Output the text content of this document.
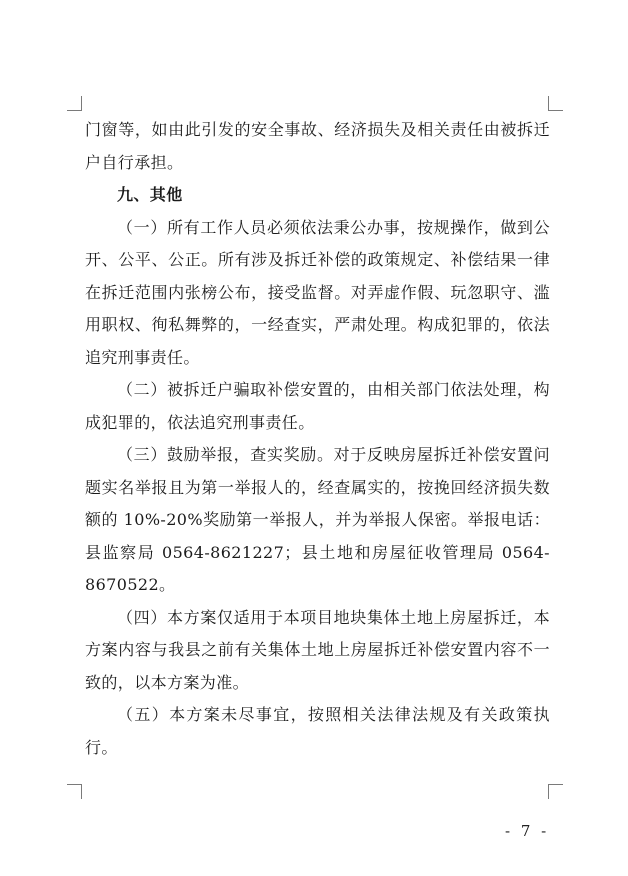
门窗等，如由此引发的安全事故、经济损失及相关责任由被拆迁户自行承担。

九、其他

（一）所有工作人员必须依法秉公办事，按规操作，做到公开、公平、公正。所有涉及拆迁补偿的政策规定、补偿结果一律在拆迁范围内张榜公布，接受监督。对弄虚作假、玩忽职守、滥用职权、徇私舞弊的，一经查实，严肃处理。构成犯罪的，依法追究刑事责任。

（二）被拆迁户骗取补偿安置的，由相关部门依法处理，构成犯罪的，依法追究刑事责任。

（三）鼓励举报，查实奖励。对于反映房屋拆迁补偿安置问题实名举报且为第一举报人的，经查属实的，按挽回经济损失数额的 10%-20%奖励第一举报人，并为举报人保密。举报电话：县监察局 0564-8621227；县土地和房屋征收管理局 0564-8670522。

（四）本方案仅适用于本项目地块集体土地上房屋拆迁，本方案内容与我县之前有关集体土地上房屋拆迁补偿安置内容不一致的，以本方案为准。

（五）本方案未尽事宜，按照相关法律法规及有关政策执行。

- 7 -
